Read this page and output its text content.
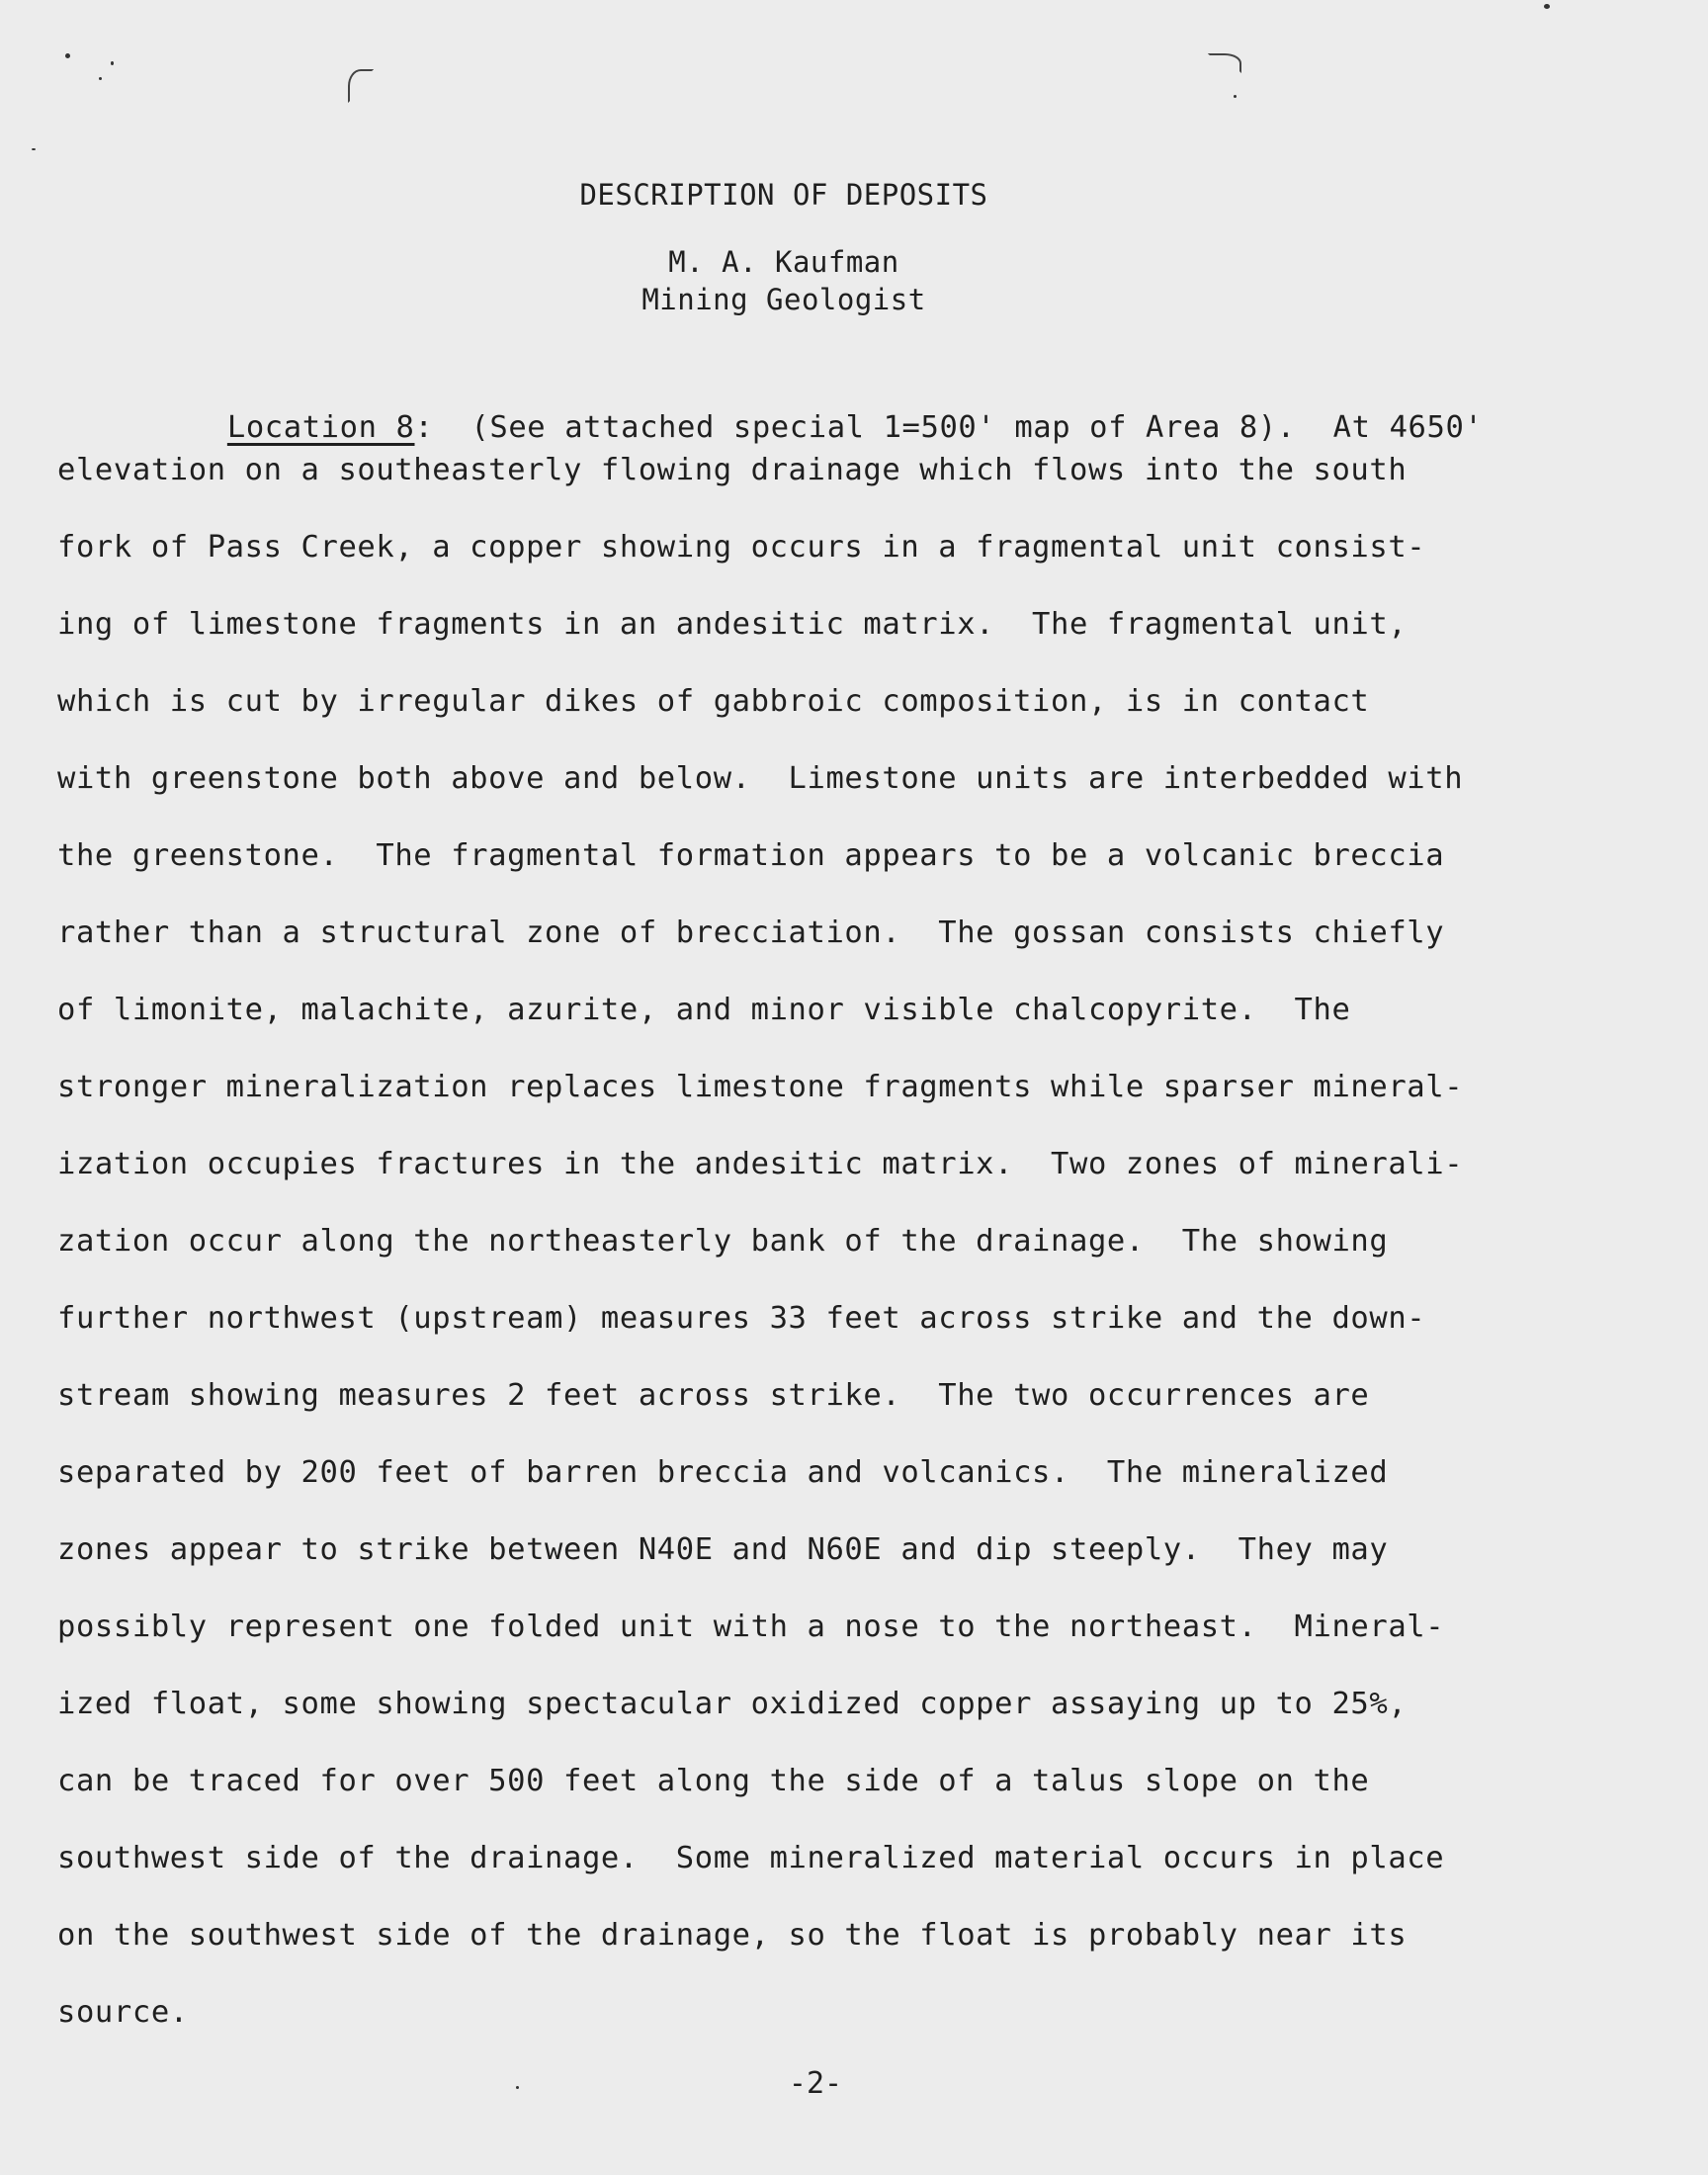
DESCRIPTION OF DEPOSITS
M. A. Kaufman
Mining Geologist

Location 8: (See attached special 1=500' map of Area 8).  At 4650'

elevation on a southeasterly flowing drainage which flows into the south
fork of Pass Creek, a copper showing occurs in a fragmental unit consist-
ing of limestone fragments in an andesitic matrix.  The fragmental unit,
which is cut by irregular dikes of gabbroic composition, is in contact
with greenstone both above and below.  Limestone units are interbedded with
the greenstone.  The fragmental formation appears to be a volcanic breccia
rather than a structural zone of brecciation.  The gossan consists chiefly
of limonite, malachite, azurite, and minor visible chalcopyrite.  The
stronger mineralization replaces limestone fragments while sparser mineral-
ization occupies fractures in the andesitic matrix.  Two zones of minerali-
zation occur along the northeasterly bank of the drainage.  The showing
further northwest (upstream) measures 33 feet across strike and the down-
stream showing measures 2 feet across strike.  The two occurrences are
separated by 200 feet of barren breccia and volcanics.  The mineralized
zones appear to strike between N40E and N60E and dip steeply.  They may
possibly represent one folded unit with a nose to the northeast.  Mineral-
ized float, some showing spectacular oxidized copper assaying up to 25%,
can be traced for over 500 feet along the side of a talus slope on the
southwest side of the drainage.  Some mineralized material occurs in place
on the southwest side of the drainage, so the float is probably near its
source.
-2-
